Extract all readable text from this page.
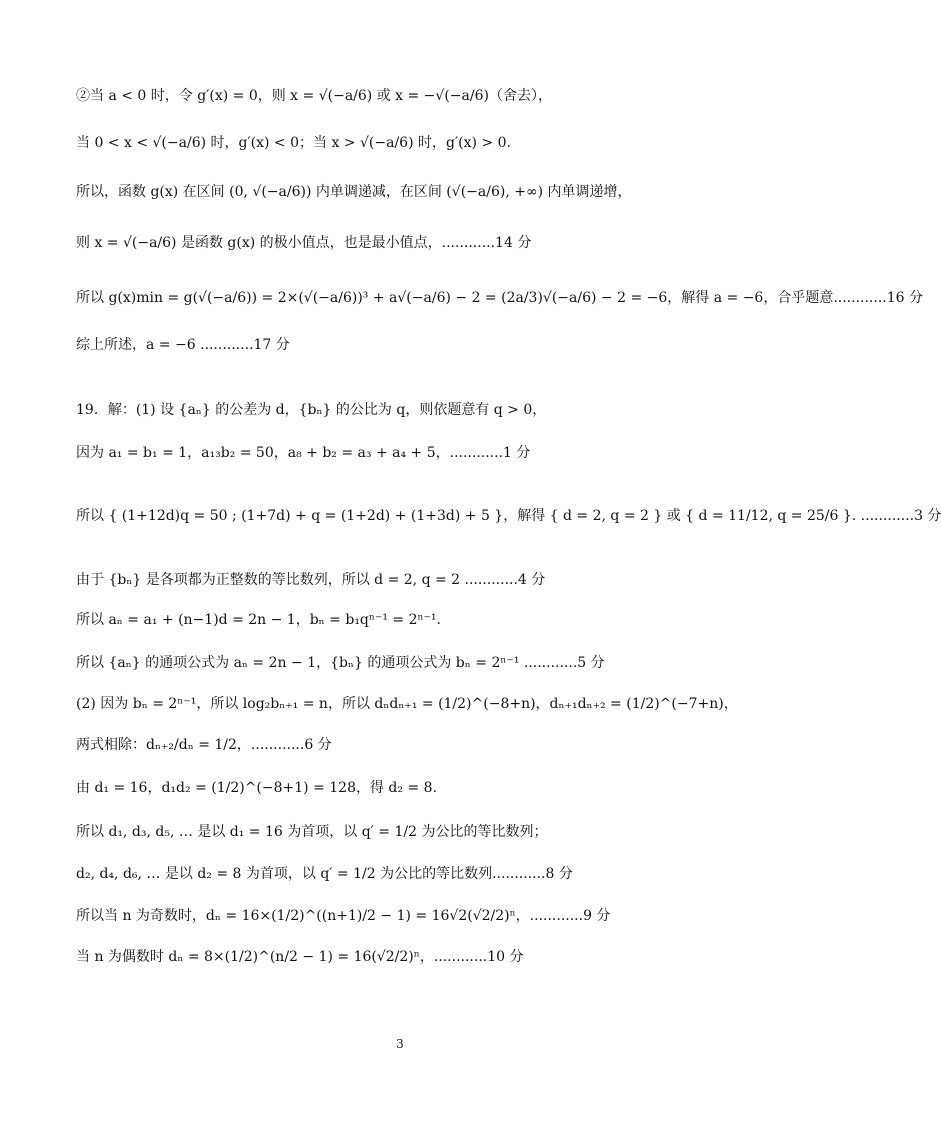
②当 a < 0 时，令 g′(x) = 0，则 x = √(−a/6) 或 x = −√(−a/6)（舍去），
当 0 < x < √(−a/6) 时，g′(x) < 0；当 x > √(−a/6) 时，g′(x) > 0.
所以，函数 g(x) 在区间 (0, √(−a/6)) 内单调递减，在区间 (√(−a/6), +∞) 内单调递增，
则 x = √(−a/6) 是函数 g(x) 的极小值点，也是最小值点，............14 分
所以 g(x)min = g(√(−a/6)) = 2×(√(−a/6))³ + a√(−a/6) − 2 = (2a/3)√(−a/6) − 2 = −6，解得 a = −6，合乎题意............16 分
综上所述，a = −6 ............17 分
19．解：(1) 设 {aₙ} 的公差为 d，{bₙ} 的公比为 q，则依题意有 q > 0，
因为 a₁ = b₁ = 1，a₁₃b₂ = 50，a₈ + b₂ = a₃ + a₄ + 5，............1 分
所以 { (1+12d)q = 50 ; (1+7d) + q = (1+2d) + (1+3d) + 5 }，解得 { d = 2, q = 2 } 或 { d = 11/12, q = 25/6 }. ............3 分
由于 {bₙ} 是各项都为正整数的等比数列，所以 d = 2, q = 2 ............4 分
所以 aₙ = a₁ + (n−1)d = 2n − 1，bₙ = b₁qⁿ⁻¹ = 2ⁿ⁻¹.
所以 {aₙ} 的通项公式为 aₙ = 2n − 1，{bₙ} 的通项公式为 bₙ = 2ⁿ⁻¹ ............5 分
(2) 因为 bₙ = 2ⁿ⁻¹，所以 log₂bₙ₊₁ = n，所以 dₙdₙ₊₁ = (1/2)^(−8+n)，dₙ₊₁dₙ₊₂ = (1/2)^(−7+n)，
两式相除：dₙ₊₂/dₙ = 1/2，............6 分
由 d₁ = 16，d₁d₂ = (1/2)^(−8+1) = 128，得 d₂ = 8.
所以 d₁, d₃, d₅, … 是以 d₁ = 16 为首项，以 q′ = 1/2 为公比的等比数列；
d₂, d₄, d₆, … 是以 d₂ = 8 为首项，以 q′ = 1/2 为公比的等比数列............8 分
所以当 n 为奇数时，dₙ = 16×(1/2)^((n+1)/2 − 1) = 16√2(√2/2)ⁿ，............9 分
当 n 为偶数时 dₙ = 8×(1/2)^(n/2 − 1) = 16(√2/2)ⁿ，............10 分
3
